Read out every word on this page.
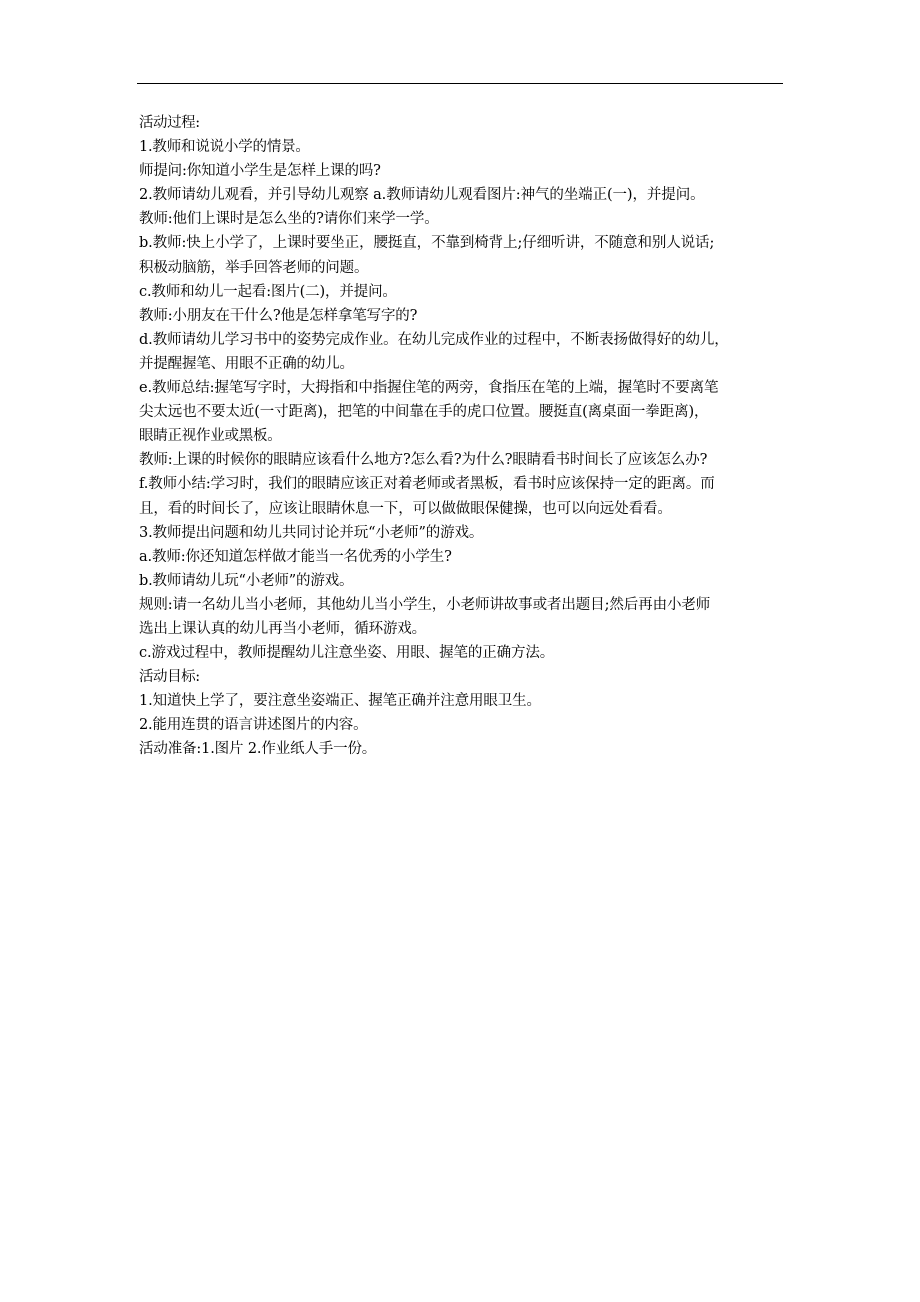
活动过程:
1.教师和说说小学的情景。
师提问:你知道小学生是怎样上课的吗?
2.教师请幼儿观看，并引导幼儿观察 a.教师请幼儿观看图片:神气的坐端正(一)，并提问。
教师:他们上课时是怎么坐的?请你们来学一学。
b.教师:快上小学了，上课时要坐正，腰挺直，不靠到椅背上;仔细听讲，不随意和别人说话;
积极动脑筋，举手回答老师的问题。
c.教师和幼儿一起看:图片(二)，并提问。
教师:小朋友在干什么?他是怎样拿笔写字的?
d.教师请幼儿学习书中的姿势完成作业。在幼儿完成作业的过程中，不断表扬做得好的幼儿，
并提醒握笔、用眼不正确的幼儿。
e.教师总结:握笔写字时，大拇指和中指握住笔的两旁，食指压在笔的上端，握笔时不要离笔
尖太远也不要太近(一寸距离)，把笔的中间靠在手的虎口位置。腰挺直(离桌面一拳距离)，
眼睛正视作业或黑板。
教师:上课的时候你的眼睛应该看什么地方?怎么看?为什么?眼睛看书时间长了应该怎么办?
f.教师小结:学习时，我们的眼睛应该正对着老师或者黑板，看书时应该保持一定的距离。而
且，看的时间长了，应该让眼睛休息一下，可以做做眼保健操，也可以向远处看看。
3.教师提出问题和幼儿共同讨论并玩“小老师”的游戏。
a.教师:你还知道怎样做才能当一名优秀的小学生?
b.教师请幼儿玩“小老师”的游戏。
规则:请一名幼儿当小老师，其他幼儿当小学生，小老师讲故事或者出题目;然后再由小老师
选出上课认真的幼儿再当小老师，循环游戏。
c.游戏过程中，教师提醒幼儿注意坐姿、用眼、握笔的正确方法。
活动目标:
1.知道快上学了，要注意坐姿端正、握笔正确并注意用眼卫生。
2.能用连贯的语言讲述图片的内容。
活动准备:1.图片 2.作业纸人手一份。
